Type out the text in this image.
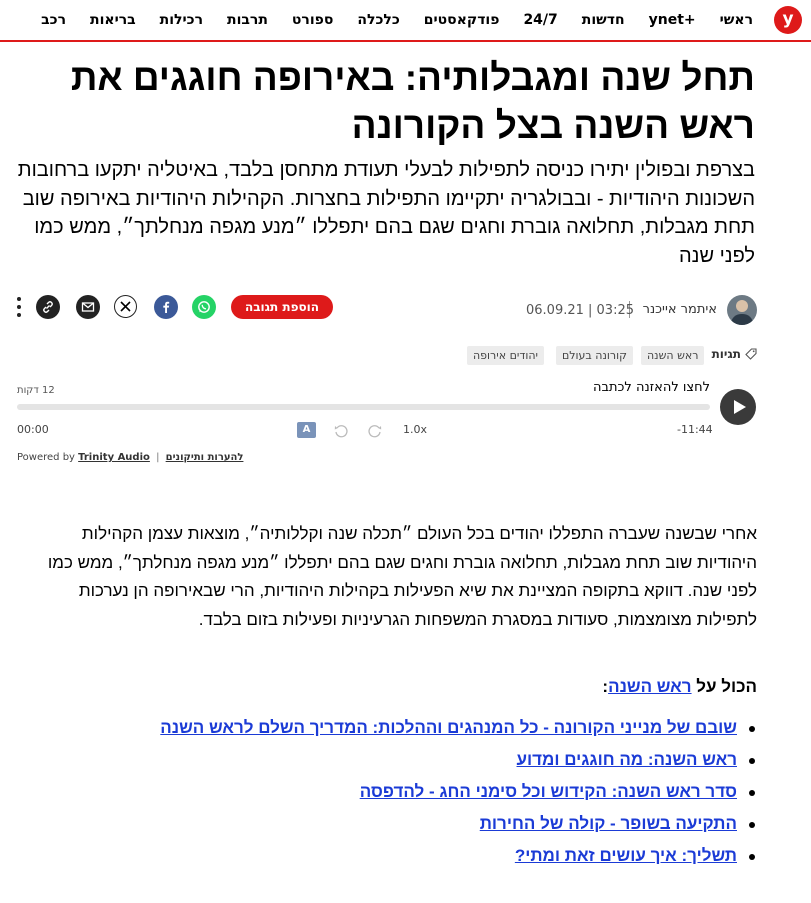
y
ראשי
ynet+
חדשות
24/7
פודקאסטים
כלכלה
ספורט
תרבות
רכילות
בריאות
רכב
תחל שנה ומגבלותיה: באירופה חוגגים את ראש השנה בצל הקורונה

בצרפת ובפולין יתירו כניסה לתפילות לבעלי תעודת מתחסן בלבד, באיטליה יתקעו ברחובות השכונות היהודיות - ובבולגריה יתקיימו התפילות בחצרות. הקהילות היהודיות באירופה שוב תחת מגבלות, תחלואה גוברת וחגים שגם בהם יתפללו ״מנע מגפה מנחלתך״, ממש כמו לפני שנה

איתמר אייכנר
06.09.21 | 03:25
הוספת תגובה
תגיות
ראש השנה
קורונה בעולם
יהודים אירופה
לחצו להאזנה לכתבה
12 דקות
00:00	-11:44
1.0x
A
Powered by Trinity Audio | להערות ותיקונים

אחרי שבשנה שעברה התפללו יהודים בכל העולם ״תכלה שנה וקללותיה״, מוצאות עצמן הקהילות היהודיות שוב תחת מגבלות, תחלואה גוברת וחגים שגם בהם יתפללו ״מנע מגפה מנחלתך״, ממש כמו לפני שנה. דווקא בתקופה המציינת את שיא הפעילות בקהילות היהודיות, הרי שבאירופה הן נערכות לתפילות מצומצמות, סעודות במסגרת המשפחות הגרעיניות ופעילות בזום בלבד.

הכול על ראש השנה:
שובם של מנייני הקורונה - כל המנהגים וההלכות: המדריך השלם לראש השנה
ראש השנה: מה חוגגים ומדוע
סדר ראש השנה: הקידוש וכל סימני החג - להדפסה
התקיעה בשופר - קולה של החירות
תשליך: איך עושים זאת ומתי?
